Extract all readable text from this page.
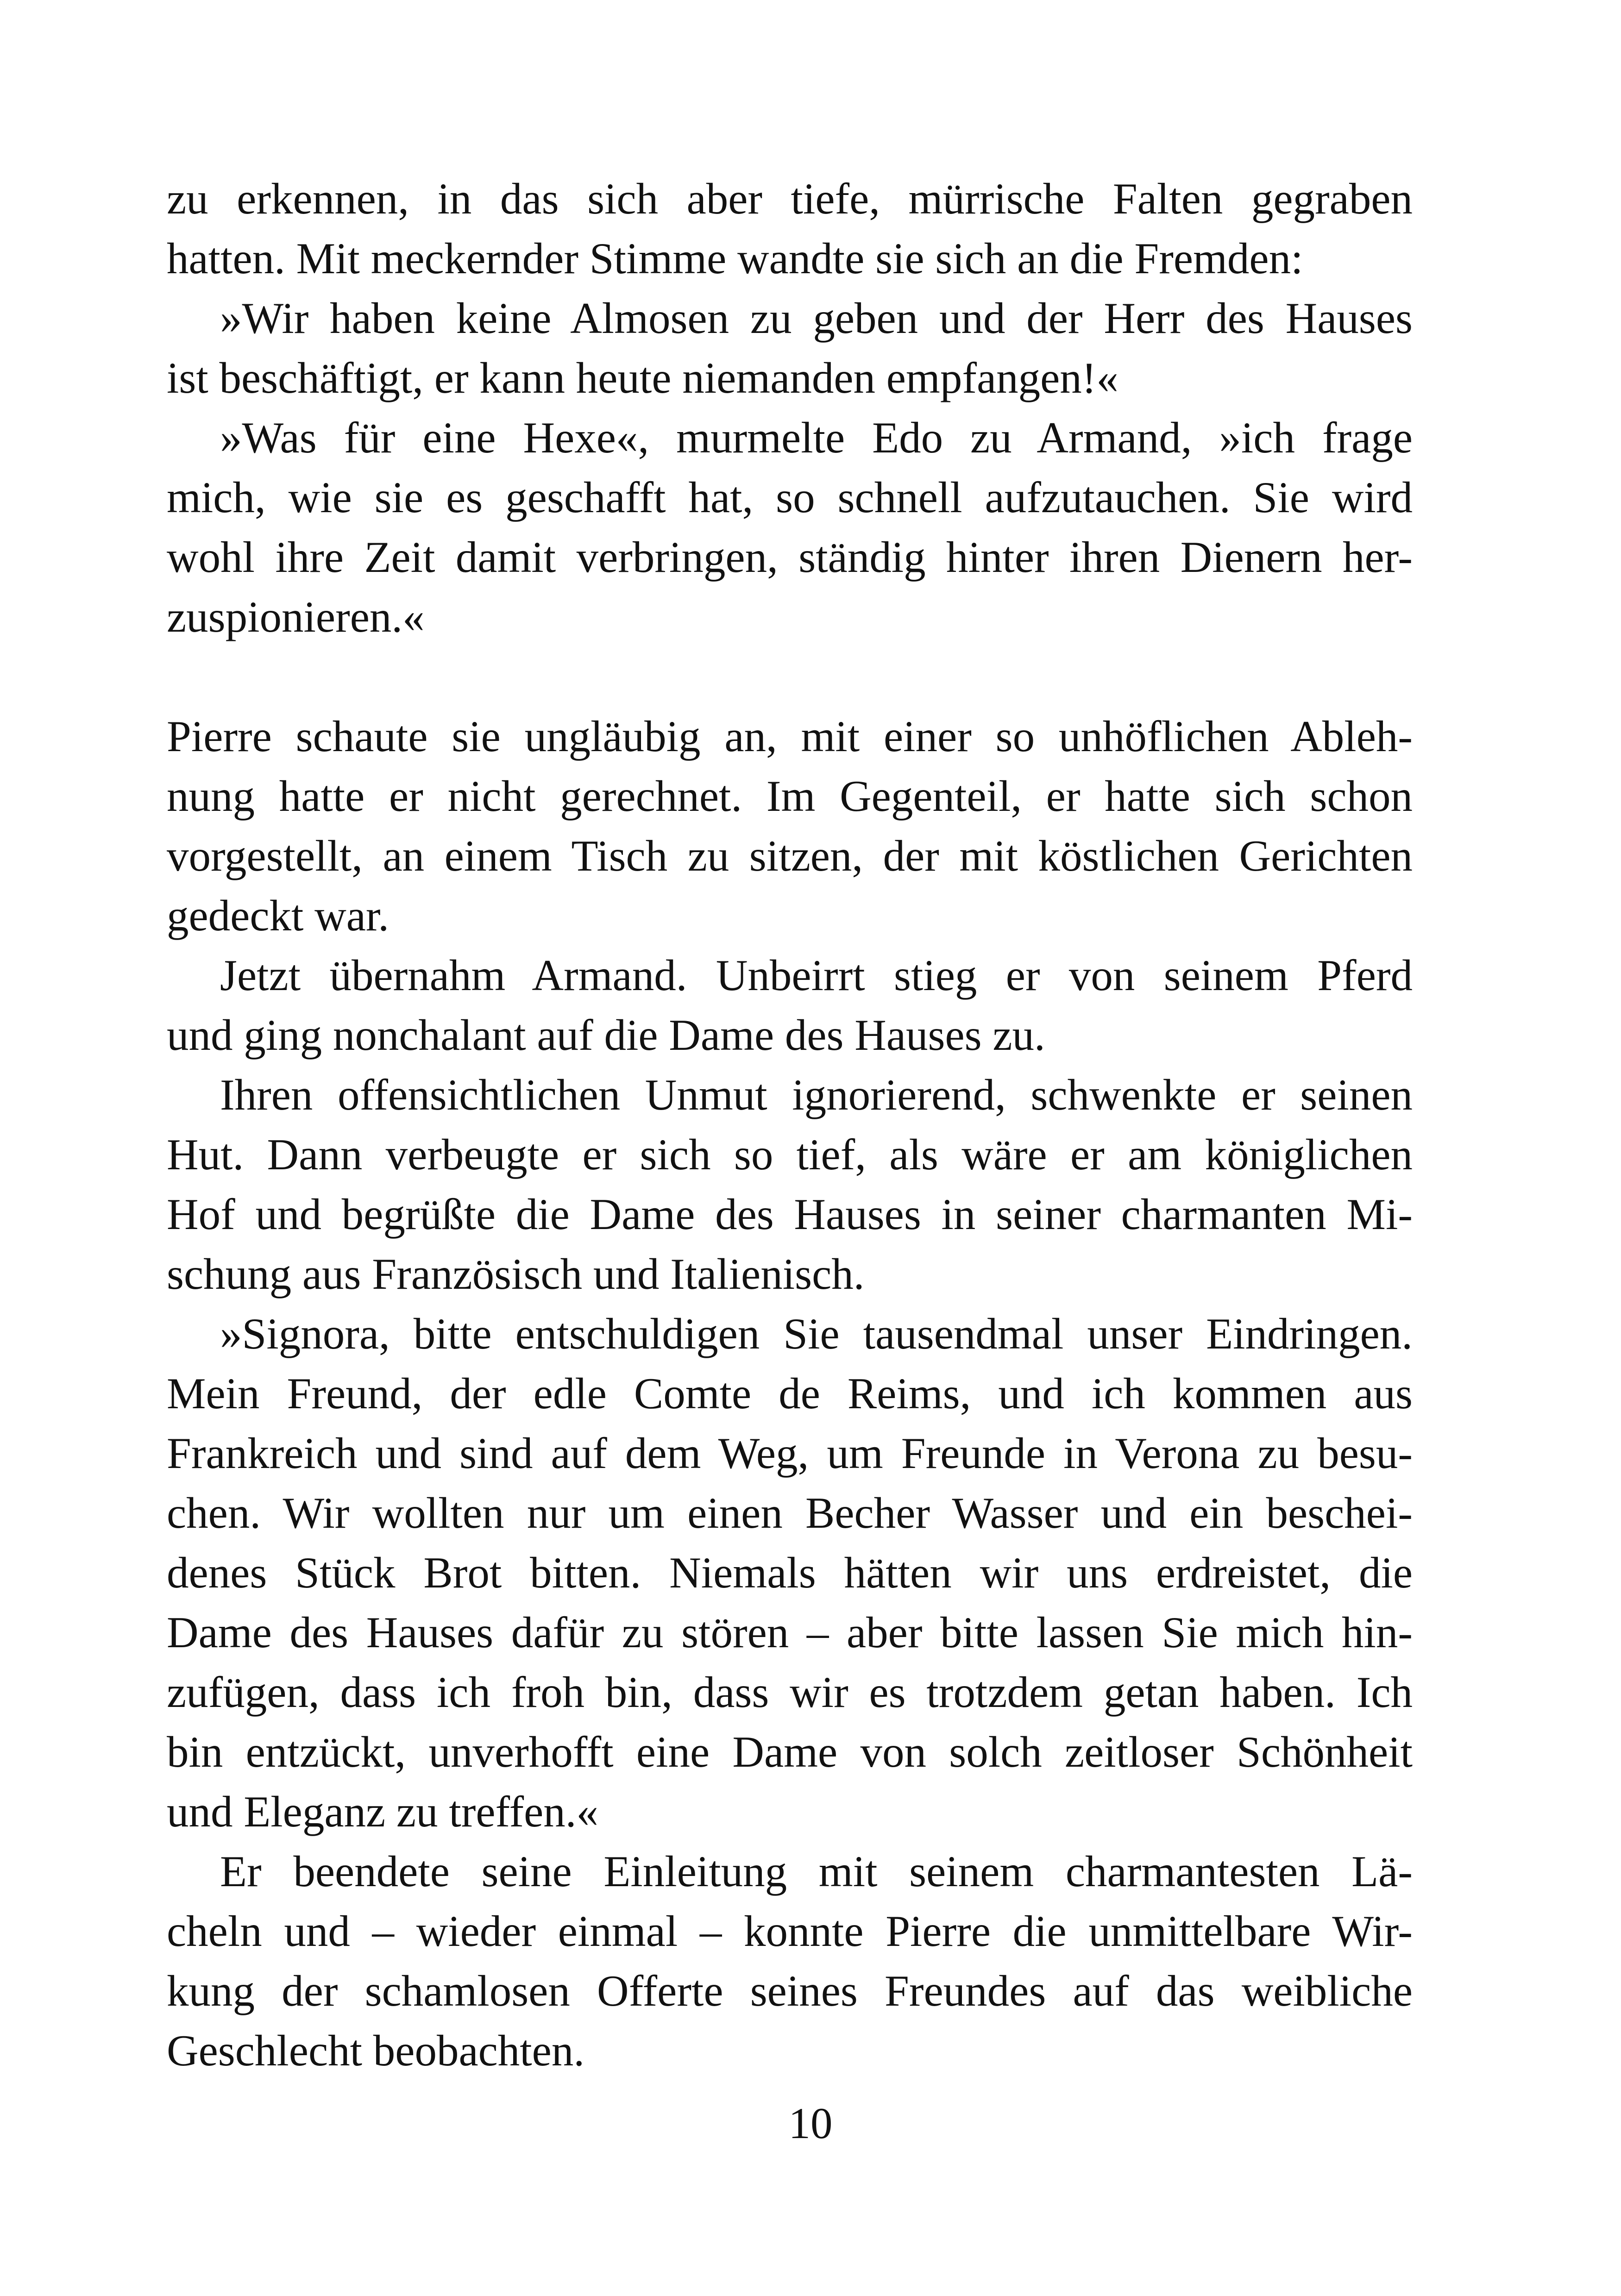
zu erkennen, in das sich aber tiefe, mürrische Falten gegraben
hatten. Mit meckernder Stimme wandte sie sich an die Fremden:
»Wir haben keine Almosen zu geben und der Herr des Hauses
ist beschäftigt, er kann heute niemanden empfangen!«
»Was für eine Hexe«, murmelte Edo zu Armand, »ich frage
mich, wie sie es geschafft hat, so schnell aufzutauchen. Sie wird
wohl ihre Zeit damit verbringen, ständig hinter ihren Dienern her-
zuspionieren.«
Pierre schaute sie ungläubig an, mit einer so unhöflichen Ableh-
nung hatte er nicht gerechnet. Im Gegenteil, er hatte sich schon
vorgestellt, an einem Tisch zu sitzen, der mit köstlichen Gerichten
gedeckt war.
Jetzt übernahm Armand. Unbeirrt stieg er von seinem Pferd
und ging nonchalant auf die Dame des Hauses zu.
Ihren offensichtlichen Unmut ignorierend, schwenkte er seinen
Hut. Dann verbeugte er sich so tief, als wäre er am königlichen
Hof und begrüßte die Dame des Hauses in seiner charmanten Mi-
schung aus Französisch und Italienisch.
»Signora, bitte entschuldigen Sie tausendmal unser Eindringen.
Mein Freund, der edle Comte de Reims, und ich kommen aus
Frankreich und sind auf dem Weg, um Freunde in Verona zu besu-
chen. Wir wollten nur um einen Becher Wasser und ein beschei-
denes Stück Brot bitten. Niemals hätten wir uns erdreistet, die
Dame des Hauses dafür zu stören – aber bitte lassen Sie mich hin-
zufügen, dass ich froh bin, dass wir es trotzdem getan haben. Ich
bin entzückt, unverhofft eine Dame von solch zeitloser Schönheit
und Eleganz zu treffen.«
Er beendete seine Einleitung mit seinem charmantesten Lä-
cheln und – wieder einmal – konnte Pierre die unmittelbare Wir-
kung der schamlosen Offerte seines Freundes auf das weibliche
Geschlecht beobachten.
10
